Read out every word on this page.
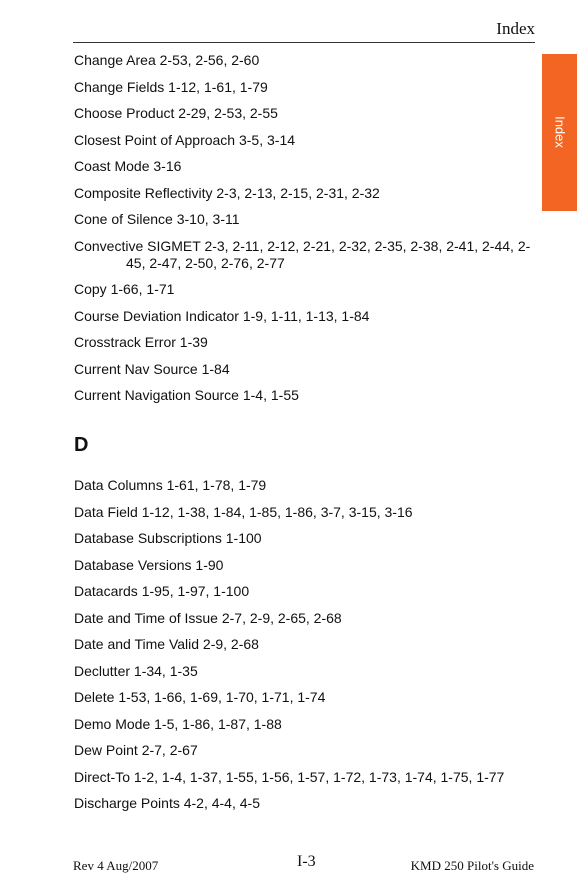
Index
Index
Change Area 2-53, 2-56, 2-60
Change Fields 1-12, 1-61, 1-79
Choose Product 2-29, 2-53, 2-55
Closest Point of Approach 3-5, 3-14
Coast Mode 3-16
Composite Reflectivity 2-3, 2-13, 2-15, 2-31, 2-32
Cone of Silence 3-10, 3-11
Convective SIGMET 2-3, 2-11, 2-12, 2-21, 2-32, 2-35, 2-38, 2-41, 2-44, 2-45, 2-47, 2-50, 2-76, 2-77
Copy 1-66, 1-71
Course Deviation Indicator 1-9, 1-11, 1-13, 1-84
Crosstrack Error 1-39
Current Nav Source 1-84
Current Navigation Source 1-4, 1-55
D
Data Columns 1-61, 1-78, 1-79
Data Field 1-12, 1-38, 1-84, 1-85, 1-86, 3-7, 3-15, 3-16
Database Subscriptions 1-100
Database Versions 1-90
Datacards 1-95, 1-97, 1-100
Date and Time of Issue 2-7, 2-9, 2-65, 2-68
Date and Time Valid 2-9, 2-68
Declutter 1-34, 1-35
Delete 1-53, 1-66, 1-69, 1-70, 1-71, 1-74
Demo Mode 1-5, 1-86, 1-87, 1-88
Dew Point 2-7, 2-67
Direct-To 1-2, 1-4, 1-37, 1-55, 1-56, 1-57, 1-72, 1-73, 1-74, 1-75, 1-77
Discharge Points 4-2, 4-4, 4-5
Rev 4 Aug/2007	I-3	KMD 250 Pilot's Guide
